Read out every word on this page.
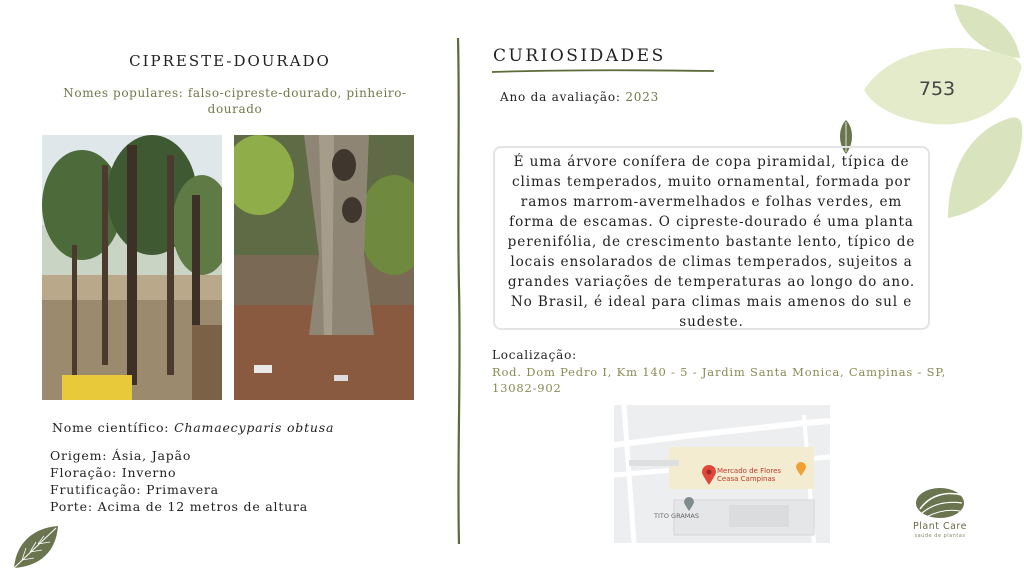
CIPRESTE-DOURADO
Nomes populares: falso-cipreste-dourado, pinheiro-dourado
Nome científico: Chamaecyparis obtusa
Origem: Ásia, Japão
Floração: Inverno
Frutificação: Primavera
Porte: Acima de 12 metros de altura
CURIOSIDADES
Ano da avaliação: 2023
É uma árvore conífera de copa piramidal, típica de climas temperados, muito ornamental, formada por ramos marrom-avermelhados e folhas verdes, em forma de escamas. O cipreste-dourado é uma planta perenifólia, de crescimento bastante lento, típico de locais ensolarados de climas temperados, sujeitos a grandes variações de temperaturas ao longo do ano. No Brasil, é ideal para climas mais amenos do sul e sudeste.
Localização:
Rod. Dom Pedro I, Km 140 - 5 - Jardim Santa Monica, Campinas - SP, 13082-902
Mercado de Flores
Ceasa Campinas
TITO GRAMAS
753
Plant Care
saúde de plantas
